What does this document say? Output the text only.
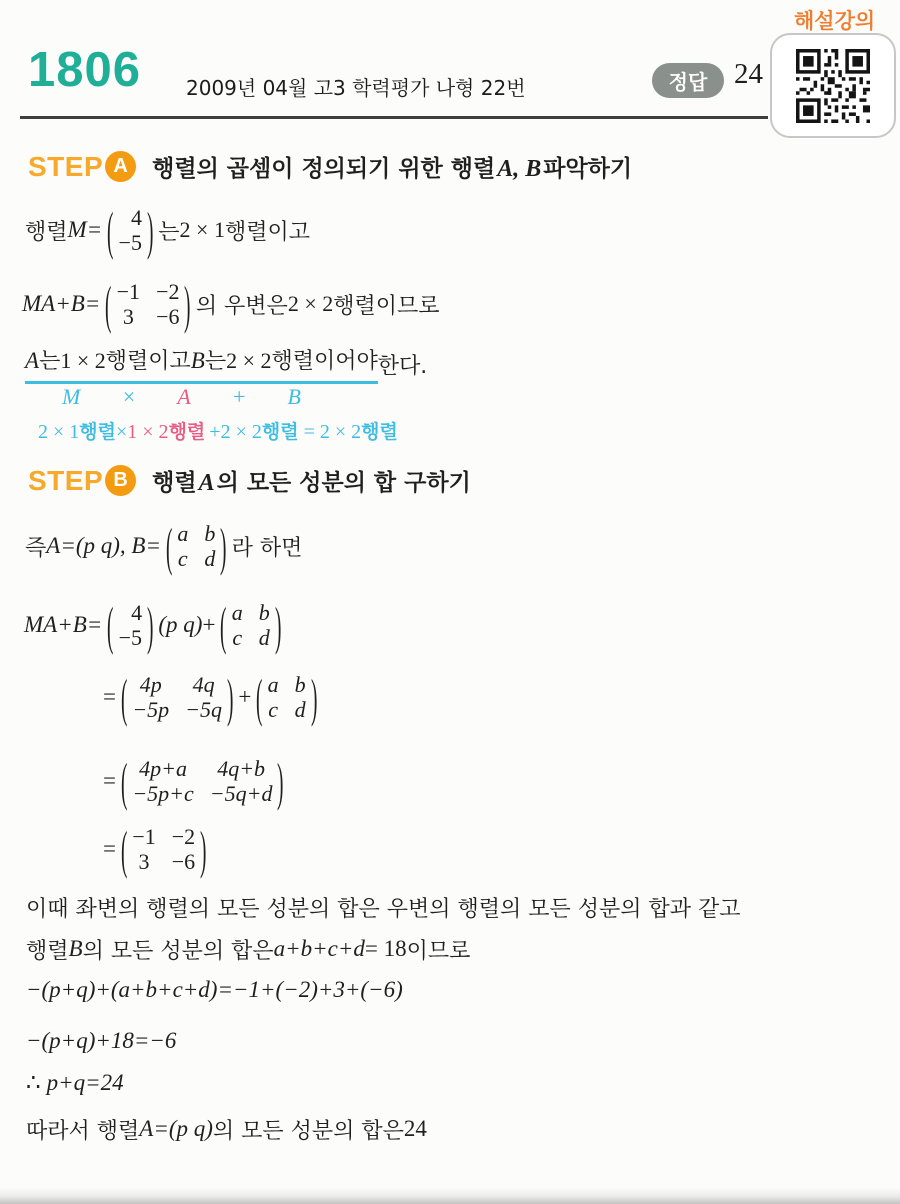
1806 2009년 04월 고3 학력평가 나형 22번	정답 24
해설강의
STEP A	행렬의 곱셈이 정의되기 위한 행렬 A, B 파악하기
행렬 M= ( 4
−5 ) 는 2 × 1 행렬이고
MA+B= ( −1 −2
3 −6 ) 의 우변은 2 × 2 행렬이므로
A 는 1 × 2 행렬이고 B 는 2 × 2 행렬이어야 한다.
M × A + B
2 × 1 행렬 × 1 × 2 행렬 + 2 × 2 행렬 = 2 × 2 행렬
STEP B	행렬 A 의 모든 성분의 합 구하기
즉 A=(p q), B= ( a b
c d ) 라 하면
MA+B= ( 4
−5 ) (p q) + ( a b
c d )
= ( 4p	4q
−5p −5q ) + ( a b
c d )
= ( 4p+a	4q+b
−5p+c −5q+d )
= ( −1 −2
3 −6 )
이때 좌변의 행렬의 모든 성분의 합은 우변의 행렬의 모든 성분의 합과 같고
행렬 B 의 모든 성분의 합은 a+b+c+d = 18 이므로
−(p+q)+(a+b+c+d)=−1+(−2)+3+(−6)
−(p+q)+18=−6
∴ p+q=24
따라서 행렬 A=(p q) 의 모든 성분의 합은 24
